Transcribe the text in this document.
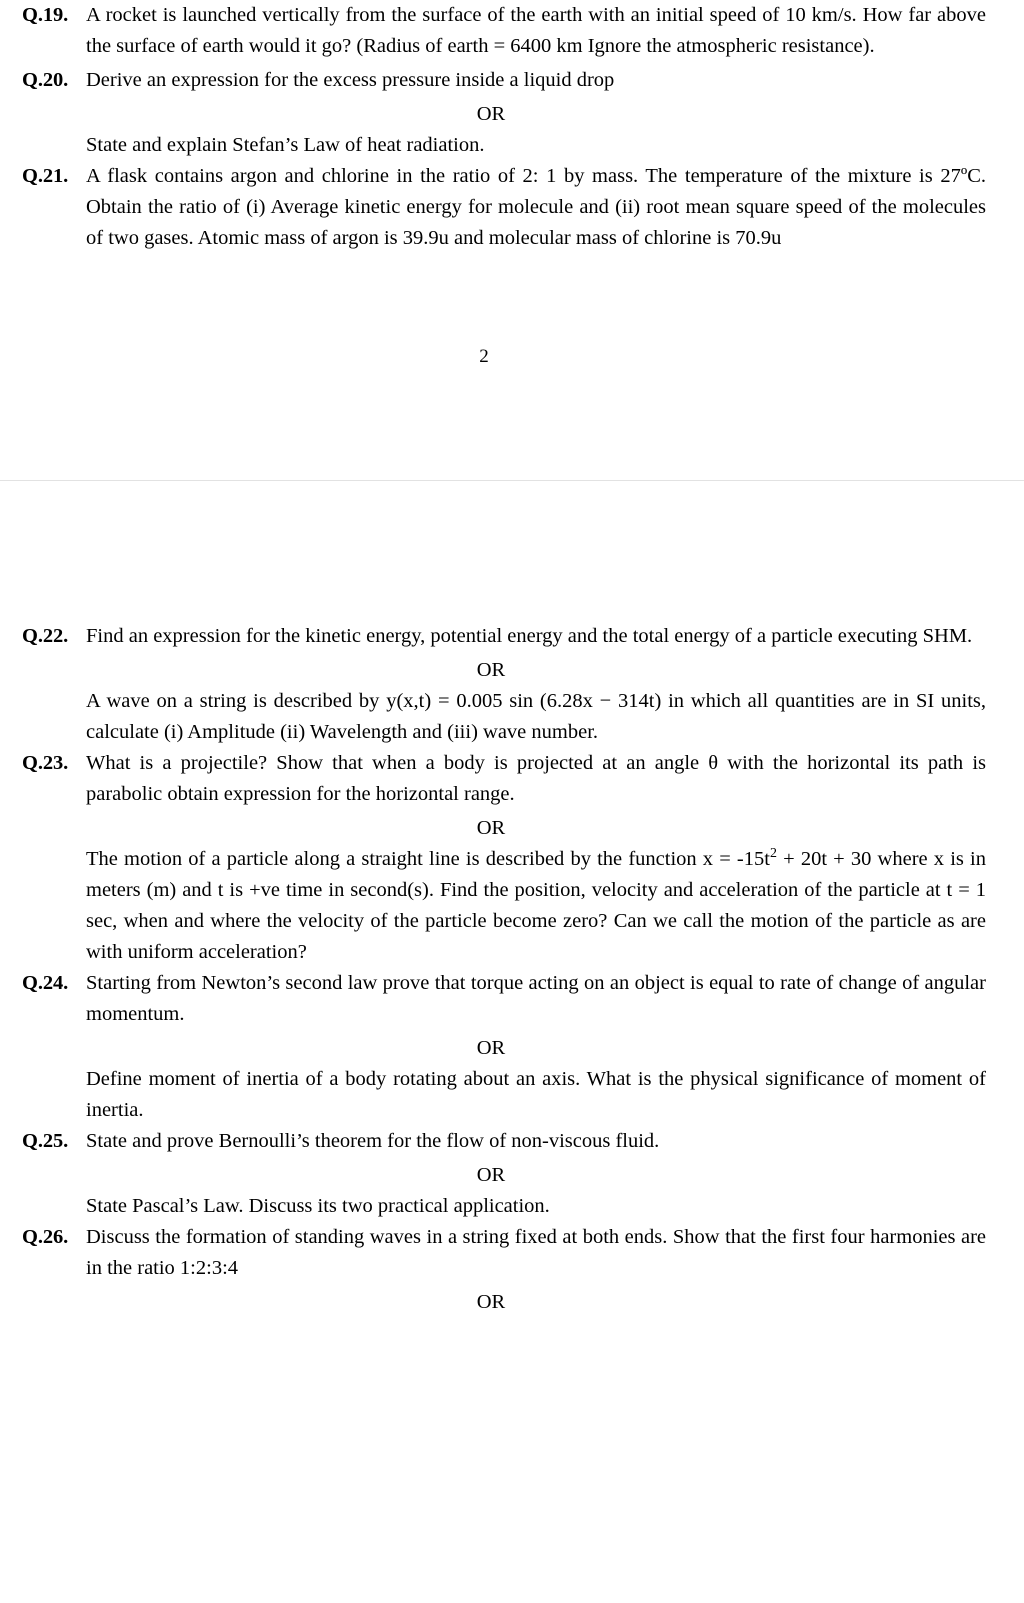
Q.19. A rocket is launched vertically from the surface of the earth with an initial speed of 10 km/s. How far above the surface of earth would it go? (Radius of earth = 6400 km Ignore the atmospheric resistance).
Q.20. Derive an expression for the excess pressure inside a liquid drop
OR
State and explain Stefan’s Law of heat radiation.
Q.21. A flask contains argon and chlorine in the ratio of 2: 1 by mass. The temperature of the mixture is 27ºC. Obtain the ratio of (i) Average kinetic energy for molecule and (ii) root mean square speed of the molecules of two gases. Atomic mass of argon is 39.9u and molecular mass of chlorine is 70.9u
2
Q.22. Find an expression for the kinetic energy, potential energy and the total energy of a particle executing SHM.
OR
A wave on a string is described by y(x,t) = 0.005 sin (6.28x − 314t) in which all quantities are in SI units, calculate (i) Amplitude (ii) Wavelength and (iii) wave number.
Q.23. What is a projectile? Show that when a body is projected at an angle θ with the horizontal its path is parabolic obtain expression for the horizontal range.
OR
The motion of a particle along a straight line is described by the function $x = -15t^2 + 20t + 30$ where x is in meters (m) and t is +ve time in second(s). Find the position, velocity and acceleration of the particle at t = 1 sec, when and where the velocity of the particle become zero? Can we call the motion of the particle as are with uniform acceleration?
Q.24. Starting from Newton’s second law prove that torque acting on an object is equal to rate of change of angular momentum.
OR
Define moment of inertia of a body rotating about an axis. What is the physical significance of moment of inertia.
Q.25. State and prove Bernoulli’s theorem for the flow of non-viscous fluid.
OR
State Pascal’s Law. Discuss its two practical application.
Q.26. Discuss the formation of standing waves in a string fixed at both ends. Show that the first four harmonies are in the ratio 1:2:3:4
OR
